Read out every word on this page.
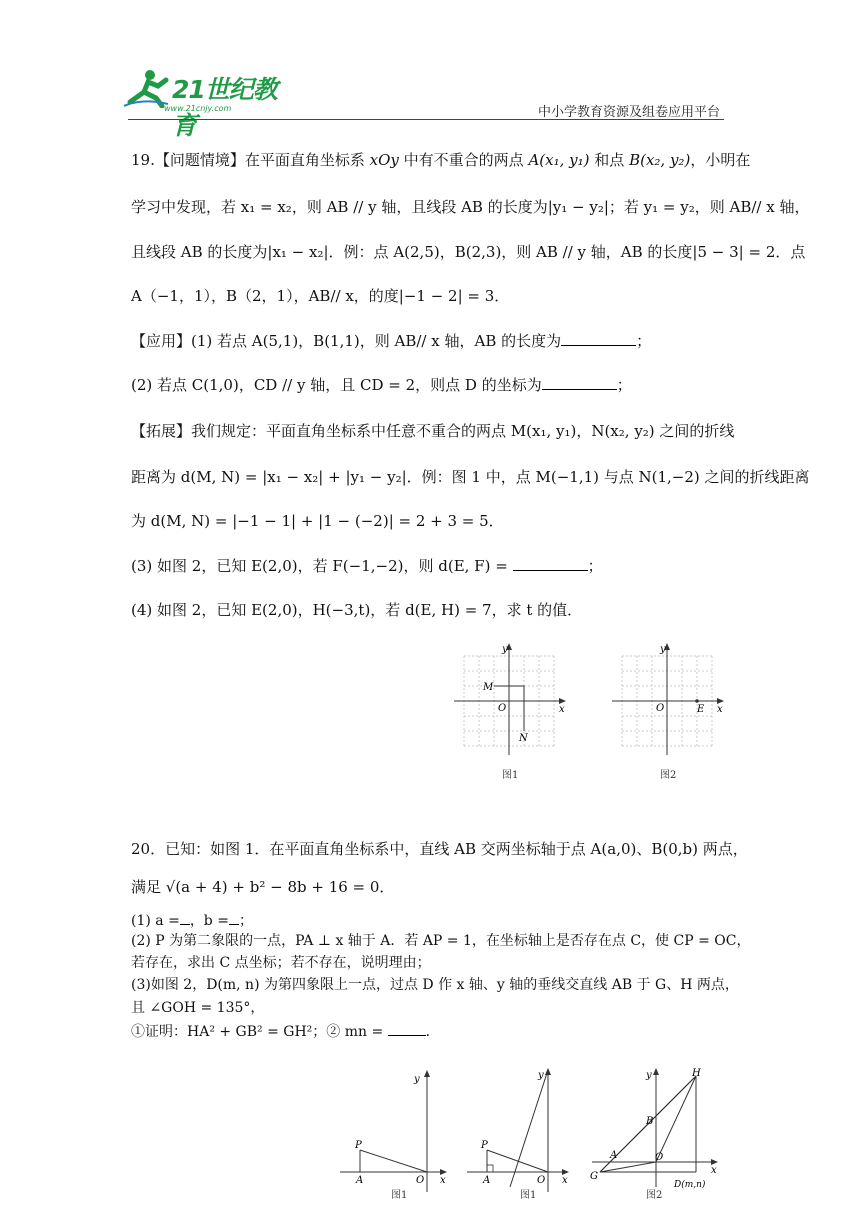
21世纪教育
www.21cnjy.com	中小学教育资源及组卷应用平台
19.【问题情境】在平面直角坐标系 xOy 中有不重合的两点 A(x₁, y₁) 和点 B(x₂, y₂)，小明在
学习中发现，若 x₁ = x₂，则 AB // y 轴，且线段 AB 的长度为|y₁ − y₂|；若 y₁ = y₂，则 AB// x 轴，
且线段 AB 的长度为|x₁ − x₂|．例：点 A(2,5)，B(2,3)，则 AB // y 轴，AB 的长度|5 − 3| = 2．点
A（−1，1），B（2，1），AB// x，的度|−1 − 2| = 3．
【应用】(1) 若点 A(5,1)，B(1,1)，则 AB// x 轴，AB 的长度为	；
(2) 若点 C(1,0)，CD // y 轴，且 CD = 2，则点 D 的坐标为	；
【拓展】我们规定：平面直角坐标系中任意不重合的两点 M(x₁, y₁)，N(x₂, y₂) 之间的折线
距离为 d(M, N) = |x₁ − x₂| + |y₁ − y₂|．例：图 1 中，点 M(−1,1) 与点 N(1,−2) 之间的折线距离
为 d(M, N) = |−1 − 1| + |1 − (−2)| = 2 + 3 = 5．
(3) 如图 2，已知 E(2,0)，若 F(−1,−2)，则 d(E, F) =	；
(4) 如图 2，已知 E(2,0)，H(−3,t)，若 d(E, H) = 7，求 t 的值．
y
x
O
M
N
图1
y
x
O	E
图2
20．已知：如图 1．在平面直角坐标系中，直线 AB 交两坐标轴于点 A(a,0)、B(0,b) 两点，
满足 √(a + 4) + b² − 8b + 16 = 0．
(1) a = ，b = ；
(2) P 为第二象限的一点，PA ⊥ x 轴于 A．若 AP = 1，在坐标轴上是否存在点 C，使 CP = OC，
若存在，求出 C 点坐标；若不存在，说明理由；
(3)如图 2，D(m, n) 为第四象限上一点，过点 D 作 x 轴、y 轴的垂线交直线 AB 于 G、H 两点，
且 ∠GOH = 135°，
①证明：HA² + GB² = GH²；② mn =	．
y
x
O
A
P
图1
y
x
O
A
P
图1
y
x
O
A
B
G
H
D(m,n)
图2
